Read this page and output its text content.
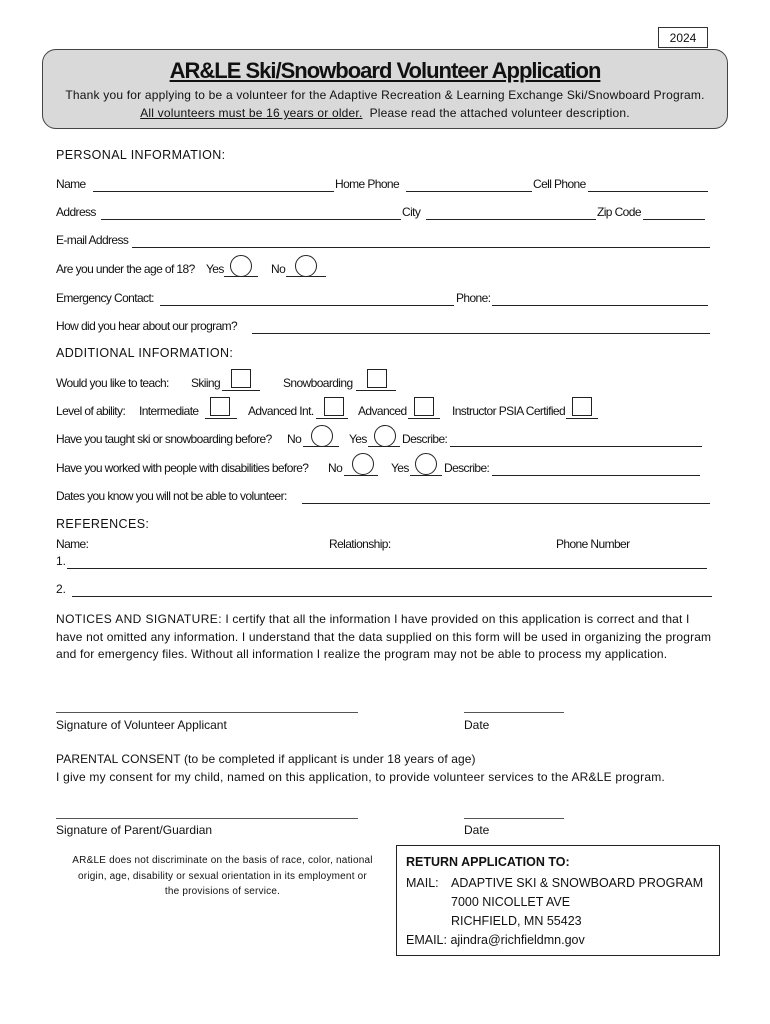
2024
AR&LE Ski/Snowboard Volunteer Application
Thank you for applying to be a volunteer for the Adaptive Recreation & Learning Exchange Ski/Snowboard Program.
All volunteers must be 16 years or older. Please read the attached volunteer description.
PERSONAL INFORMATION:
Name	Home Phone	Cell Phone
Address	City	Zip Code
E-mail Address
Are you under the age of 18? Yes	No
Emergency Contact:	Phone:
How did you hear about our program?
ADDITIONAL INFORMATION:
Would you like to teach: Skiing	Snowboarding
Level of ability: Intermediate	Advanced Int.	Advanced	Instructor PSIA Certified
Have you taught ski or snowboarding before? No	Yes	Describe:
Have you worked with people with disabilities before? No	Yes	Describe:
Dates you know you will not be able to volunteer:
REFERENCES:
Name:	Relationship:	Phone Number
1.
2.
NOTICES AND SIGNATURE: I certify that all the information I have provided on this application is correct and that I have not omitted any information. I understand that the data supplied on this form will be used in organizing the program and for emergency files. Without all information I realize the program may not be able to process my application.
Signature of Volunteer Applicant	Date
PARENTAL CONSENT (to be completed if applicant is under 18 years of age)
I give my consent for my child, named on this application, to provide volunteer services to the AR&LE program.
Signature of Parent/Guardian	Date
AR&LE does not discriminate on the basis of race, color, national origin, age, disability or sexual orientation in its employment or the provisions of service.
RETURN APPLICATION TO:
MAIL: ADAPTIVE SKI & SNOWBOARD PROGRAM
7000 NICOLLET AVE
RICHFIELD, MN 55423
EMAIL: ajindra@richfieldmn.gov
